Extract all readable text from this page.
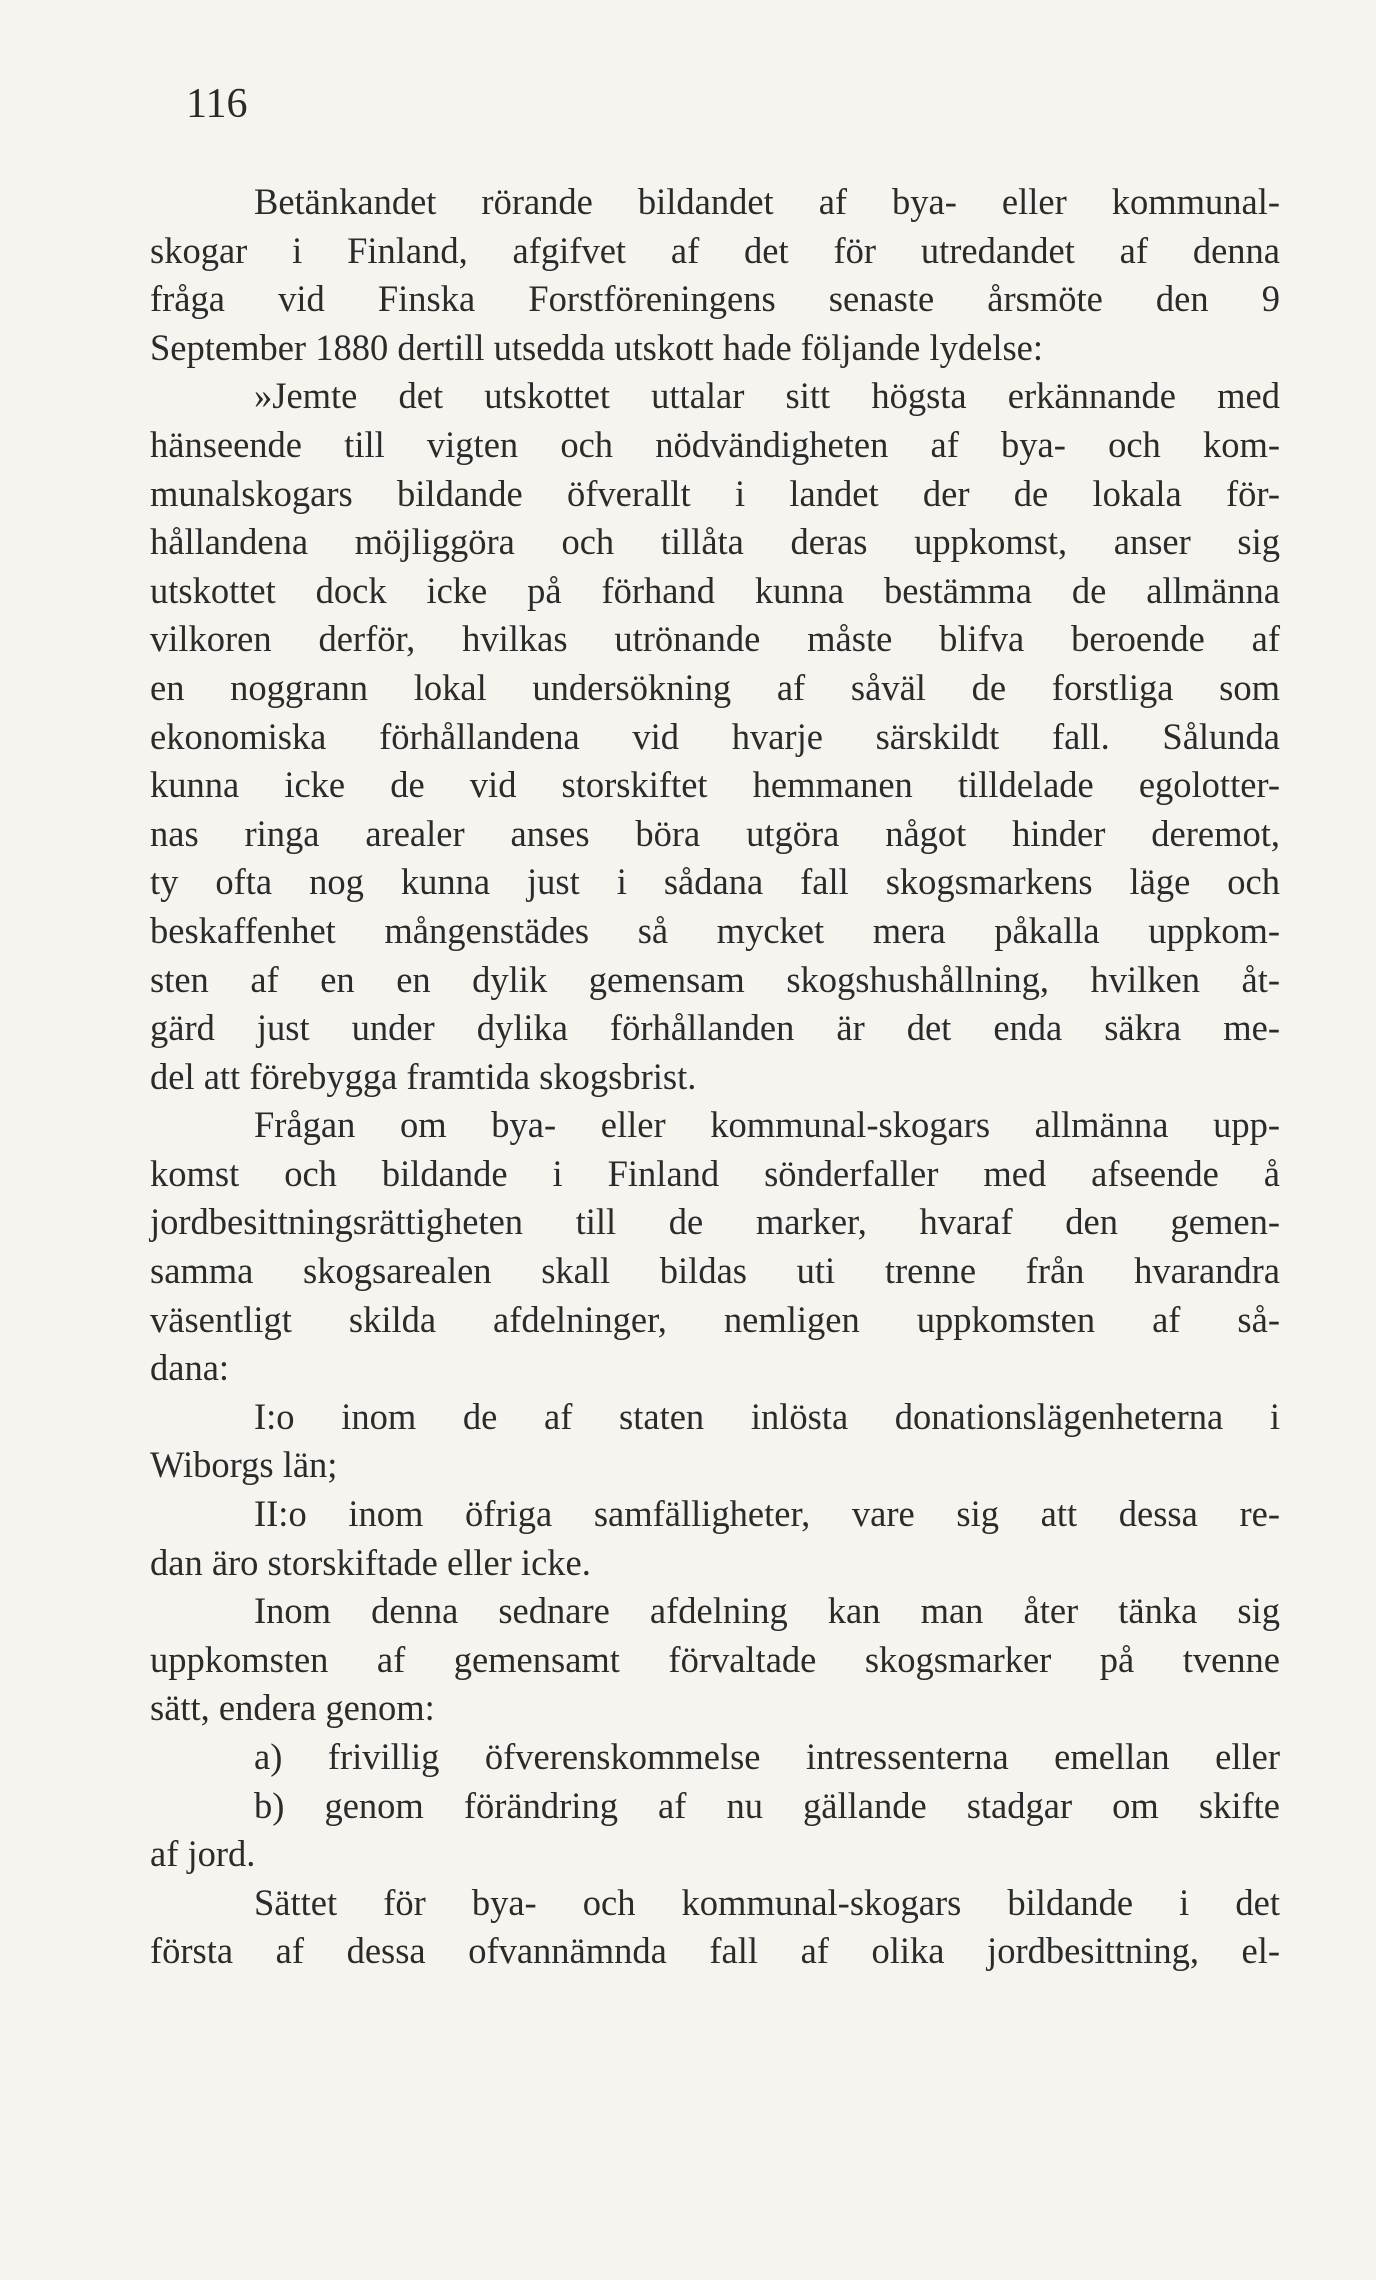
116
Betänkandet rörande bildandet af bya- eller kommunal-
skogar i Finland, afgifvet af det för utredandet af denna
fråga vid Finska Forstföreningens senaste årsmöte den 9
September 1880 dertill utsedda utskott hade följande lydelse:
»Jemte det utskottet uttalar sitt högsta erkännande med
hänseende till vigten och nödvändigheten af bya- och kom-
munalskogars bildande öfverallt i landet der de lokala för-
hållandena möjliggöra och tillåta deras uppkomst, anser sig
utskottet dock icke på förhand kunna bestämma de allmänna
vilkoren derför, hvilkas utrönande måste blifva beroende af
en noggrann lokal undersökning af såväl de forstliga som
ekonomiska förhållandena vid hvarje särskildt fall. Sålunda
kunna icke de vid storskiftet hemmanen tilldelade egolotter-
nas ringa arealer anses böra utgöra något hinder deremot,
ty ofta nog kunna just i sådana fall skogsmarkens läge och
beskaffenhet mångenstädes så mycket mera påkalla uppkom-
sten af en en dylik gemensam skogshushållning, hvilken åt-
gärd just under dylika förhållanden är det enda säkra me-
del att förebygga framtida skogsbrist.
Frågan om bya- eller kommunal-skogars allmänna upp-
komst och bildande i Finland sönderfaller med afseende å
jordbesittningsrättigheten till de marker, hvaraf den gemen-
samma skogsarealen skall bildas uti trenne från hvarandra
väsentligt skilda afdelninger, nemligen uppkomsten af så-
dana:
I:o inom de af staten inlösta donationslägenheterna i
Wiborgs län;
II:o inom öfriga samfälligheter, vare sig att dessa re-
dan äro storskiftade eller icke.
Inom denna sednare afdelning kan man åter tänka sig
uppkomsten af gemensamt förvaltade skogsmarker på tvenne
sätt, endera genom:
a) frivillig öfverenskommelse intressenterna emellan eller
b) genom förändring af nu gällande stadgar om skifte
af jord.
Sättet för bya- och kommunal-skogars bildande i det
första af dessa ofvannämnda fall af olika jordbesittning, el-
